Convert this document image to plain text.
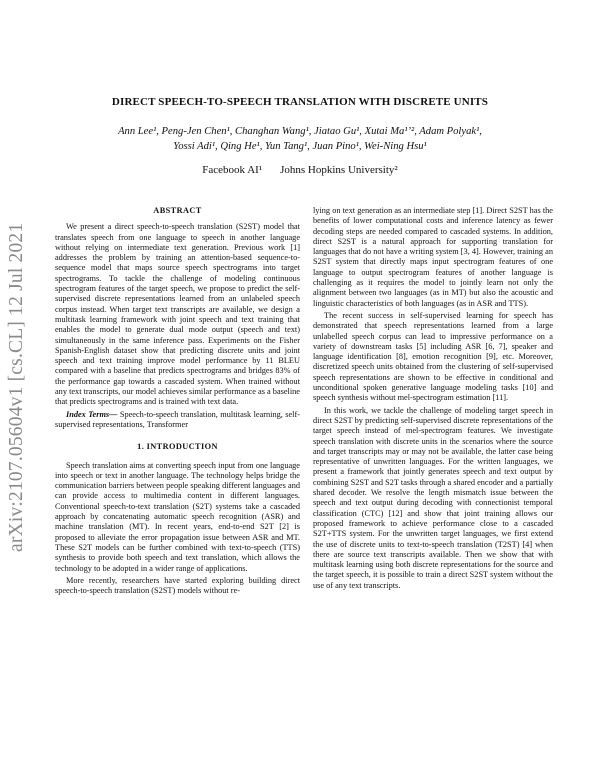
arXiv:2107.05604v1 [cs.CL] 12 Jul 2021
DIRECT SPEECH-TO-SPEECH TRANSLATION WITH DISCRETE UNITS
Ann Lee¹, Peng-Jen Chen¹, Changhan Wang¹, Jiatao Gu¹, Xutai Ma¹ʼ², Adam Polyak¹,
Yossi Adi¹, Qing He¹, Yun Tang¹, Juan Pino¹, Wei-Ning Hsu¹
Facebook AI¹ Johns Hopkins University²
ABSTRACT

We present a direct speech-to-speech translation (S2ST) model that translates speech from one language to speech in another language without relying on intermediate text generation. Previous work [1] addresses the problem by training an attention-based sequence-to-sequence model that maps source speech spectrograms into target spectrograms. To tackle the challenge of modeling continuous spectrogram features of the target speech, we propose to predict the self-supervised discrete representations learned from an unlabeled speech corpus instead. When target text transcripts are available, we design a multitask learning framework with joint speech and text training that enables the model to generate dual mode output (speech and text) simultaneously in the same inference pass. Experiments on the Fisher Spanish-English dataset show that predicting discrete units and joint speech and text training improve model performance by 11 BLEU compared with a baseline that predicts spectrograms and bridges 83% of the performance gap towards a cascaded system. When trained without any text transcripts, our model achieves similar performance as a baseline that predicts spectrograms and is trained with text data.

Index Terms— Speech-to-speech translation, multitask learning, self-supervised representations, Transformer

1. INTRODUCTION

Speech translation aims at converting speech input from one language into speech or text in another language. The technology helps bridge the communication barriers between people speaking different languages and can provide access to multimedia content in different languages. Conventional speech-to-text translation (S2T) systems take a cascaded approach by concatenating automatic speech recognition (ASR) and machine translation (MT). In recent years, end-to-end S2T [2] is proposed to alleviate the error propagation issue between ASR and MT. These S2T models can be further combined with text-to-speech (TTS) synthesis to provide both speech and text translation, which allows the technology to be adopted in a wider range of applications.

More recently, researchers have started exploring building direct speech-to-speech translation (S2ST) models without re-

lying on text generation as an intermediate step [1]. Direct S2ST has the benefits of lower computational costs and inference latency as fewer decoding steps are needed compared to cascaded systems. In addition, direct S2ST is a natural approach for supporting translation for languages that do not have a writing system [3, 4]. However, training an S2ST system that directly maps input spectrogram features of one language to output spectrogram features of another language is challenging as it requires the model to jointly learn not only the alignment between two languages (as in MT) but also the acoustic and linguistic characteristics of both languages (as in ASR and TTS).

The recent success in self-supervised learning for speech has demonstrated that speech representations learned from a large unlabelled speech corpus can lead to impressive performance on a variety of downstream tasks [5] including ASR [6, 7], speaker and language identification [8], emotion recognition [9], etc. Moreover, discretized speech units obtained from the clustering of self-supervised speech representations are shown to be effective in conditional and unconditional spoken generative language modeling tasks [10] and speech synthesis without mel-spectrogram estimation [11].

In this work, we tackle the challenge of modeling target speech in direct S2ST by predicting self-supervised discrete representations of the target speech instead of mel-spectrogram features. We investigate speech translation with discrete units in the scenarios where the source and target transcripts may or may not be available, the latter case being representative of unwritten languages. For the written languages, we present a framework that jointly generates speech and text output by combining S2ST and S2T tasks through a shared encoder and a partially shared decoder. We resolve the length mismatch issue between the speech and text output during decoding with connectionist temporal classification (CTC) [12] and show that joint training allows our proposed framework to achieve performance close to a cascaded S2T+TTS system. For the unwritten target languages, we first extend the use of discrete units to text-to-speech translation (T2ST) [4] when there are source text transcripts available. Then we show that with multitask learning using both discrete representations for the source and the target speech, it is possible to train a direct S2ST system without the use of any text transcripts.
